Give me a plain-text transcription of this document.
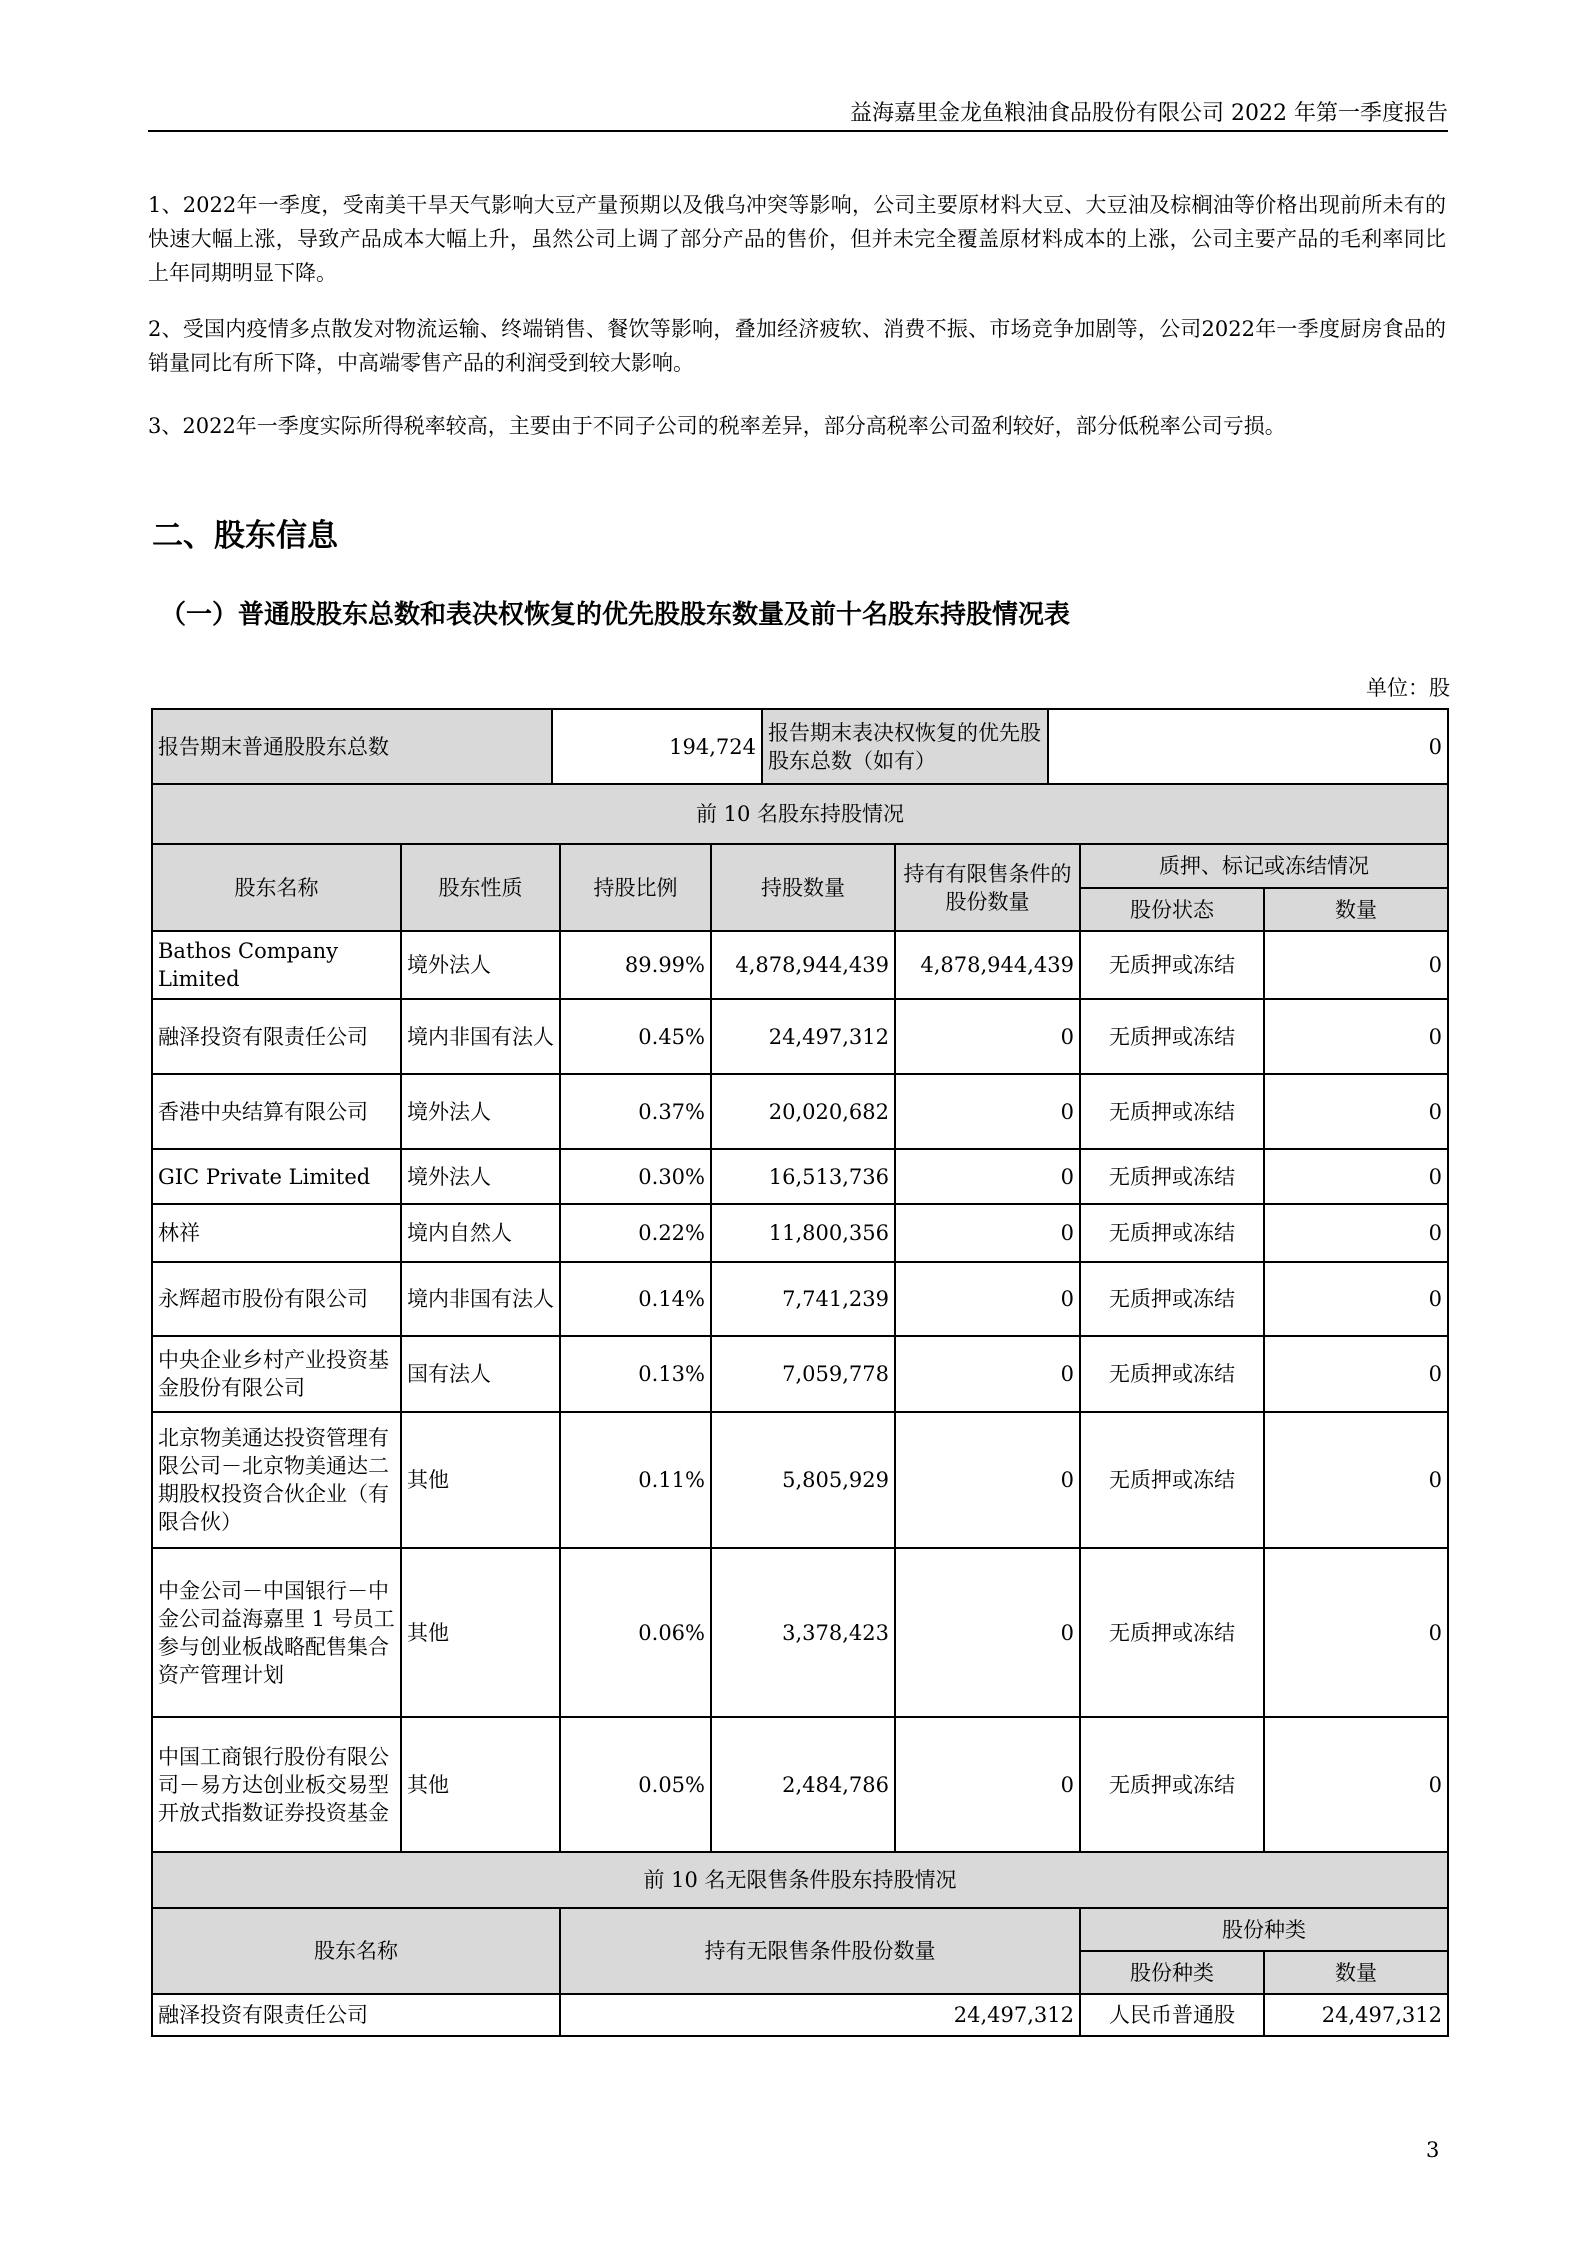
益海嘉里金龙鱼粮油食品股份有限公司 2022 年第一季度报告

1、2022年一季度，受南美干旱天气影响大豆产量预期以及俄乌冲突等影响，公司主要原材料大豆、大豆油及棕榈油等价格出现前所未有的快速大幅上涨，导致产品成本大幅上升，虽然公司上调了部分产品的售价，但并未完全覆盖原材料成本的上涨，公司主要产品的毛利率同比上年同期明显下降。

2、受国内疫情多点散发对物流运输、终端销售、餐饮等影响，叠加经济疲软、消费不振、市场竞争加剧等，公司2022年一季度厨房食品的销量同比有所下降，中高端零售产品的利润受到较大影响。

3、2022年一季度实际所得税率较高，主要由于不同子公司的税率差异，部分高税率公司盈利较好，部分低税率公司亏损。

二、股东信息
（一）普通股股东总数和表决权恢复的优先股股东数量及前十名股东持股情况表
单位：股
报告期末普通股股东总数	194,724	报告期末表决权恢复的优先股股东总数（如有）	0
前 10 名股东持股情况						
股东名称	股东性质	持股比例	持股数量	持有有限售条件的股份数量	质押、标记或冻结情况	
					股份状态	数量
Bathos Company Limited	境外法人	89.99%	4,878,944,439	4,878,944,439	无质押或冻结	0
融泽投资有限责任公司	境内非国有法人	0.45%	24,497,312	0	无质押或冻结	0
香港中央结算有限公司	境外法人	0.37%	20,020,682	0	无质押或冻结	0
GIC Private Limited	境外法人	0.30%	16,513,736	0	无质押或冻结	0
林祥	境内自然人	0.22%	11,800,356	0	无质押或冻结	0
永辉超市股份有限公司	境内非国有法人	0.14%	7,741,239	0	无质押或冻结	0
中央企业乡村产业投资基金股份有限公司	国有法人	0.13%	7,059,778	0	无质押或冻结	0
北京物美通达投资管理有限公司－北京物美通达二期股权投资合伙企业（有限合伙）	其他	0.11%	5,805,929	0	无质押或冻结	0
中金公司－中国银行－中金公司益海嘉里 1 号员工参与创业板战略配售集合资产管理计划	其他	0.06%	3,378,423	0	无质押或冻结	0
中国工商银行股份有限公司－易方达创业板交易型开放式指数证券投资基金	其他	0.05%	2,484,786	0	无质押或冻结	0
前 10 名无限售条件股东持股情况						
股东名称		持有无限售条件股份数量			股份种类	
					股份种类	数量
融泽投资有限责任公司		24,497,312			人民币普通股	24,497,312
3
